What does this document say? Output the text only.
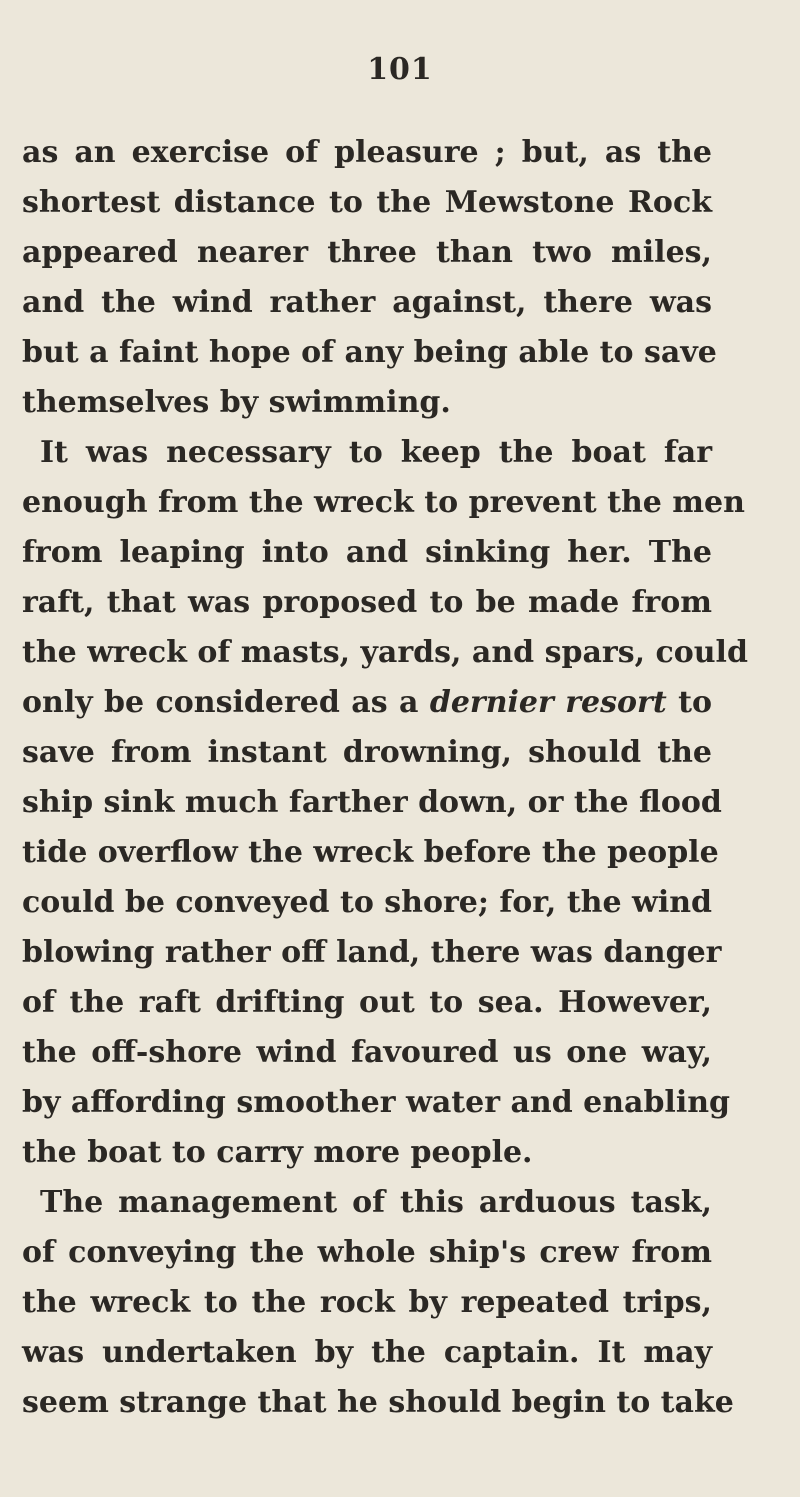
101
as an exercise of pleasure ; but, as the
shortest distance to the Mewstone Rock
appeared nearer three than two miles,
and the wind rather against, there was
but a faint hope of any being able to save
themselves by swimming.
It was necessary to keep the boat far
enough from the wreck to prevent the men
from leaping into and sinking her. The
raft, that was proposed to be made from
the wreck of masts, yards, and spars, could
only be considered as a dernier resort to
save from instant drowning, should the
ship sink much farther down, or the flood
tide overflow the wreck before the people
could be conveyed to shore; for, the wind
blowing rather off land, there was danger
of the raft drifting out to sea. However,
the off-shore wind favoured us one way,
by affording smoother water and enabling
the boat to carry more people.
The management of this arduous task,
of conveying the whole ship's crew from
the wreck to the rock by repeated trips,
was undertaken by the captain. It may
seem strange that he should begin to take
